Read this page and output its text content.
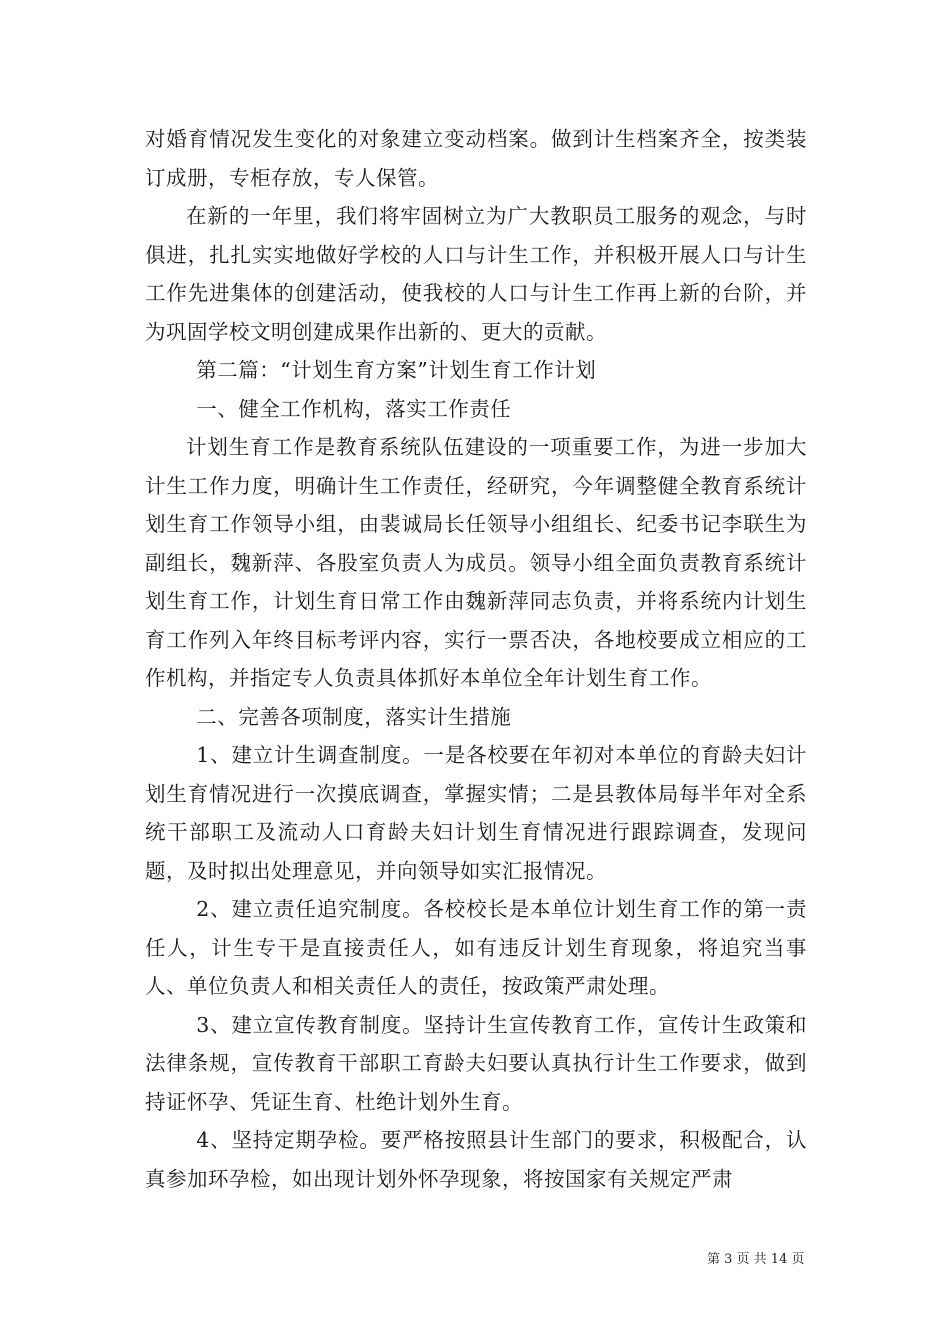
对婚育情况发生变化的对象建立变动档案。做到计生档案齐全，按类装订成册，专柜存放，专人保管。

在新的一年里，我们将牢固树立为广大教职员工服务的观念，与时俱进，扎扎实实地做好学校的人口与计生工作，并积极开展人口与计生工作先进集体的创建活动，使我校的人口与计生工作再上新的台阶，并为巩固学校文明创建成果作出新的、更大的贡献。

第二篇：“计划生育方案”计划生育工作计划

一、健全工作机构，落实工作责任

计划生育工作是教育系统队伍建设的一项重要工作，为进一步加大计生工作力度，明确计生工作责任，经研究，今年调整健全教育系统计划生育工作领导小组，由裴诚局长任领导小组组长、纪委书记李联生为副组长，魏新萍、各股室负责人为成员。领导小组全面负责教育系统计划生育工作，计划生育日常工作由魏新萍同志负责，并将系统内计划生育工作列入年终目标考评内容，实行一票否决，各地校要成立相应的工作机构，并指定专人负责具体抓好本单位全年计划生育工作。

二、完善各项制度，落实计生措施

1、建立计生调查制度。一是各校要在年初对本单位的育龄夫妇计划生育情况进行一次摸底调查，掌握实情；二是县教体局每半年对全系统干部职工及流动人口育龄夫妇计划生育情况进行跟踪调查，发现问题，及时拟出处理意见，并向领导如实汇报情况。

2、建立责任追究制度。各校校长是本单位计划生育工作的第一责任人，计生专干是直接责任人，如有违反计划生育现象，将追究当事人、单位负责人和相关责任人的责任，按政策严肃处理。

3、建立宣传教育制度。坚持计生宣传教育工作，宣传计生政策和法律条规，宣传教育干部职工育龄夫妇要认真执行计生工作要求，做到持证怀孕、凭证生育、杜绝计划外生育。

4、坚持定期孕检。要严格按照县计生部门的要求，积极配合，认真参加环孕检，如出现计划外怀孕现象，将按国家有关规定严肃

第 3 页 共 14 页
